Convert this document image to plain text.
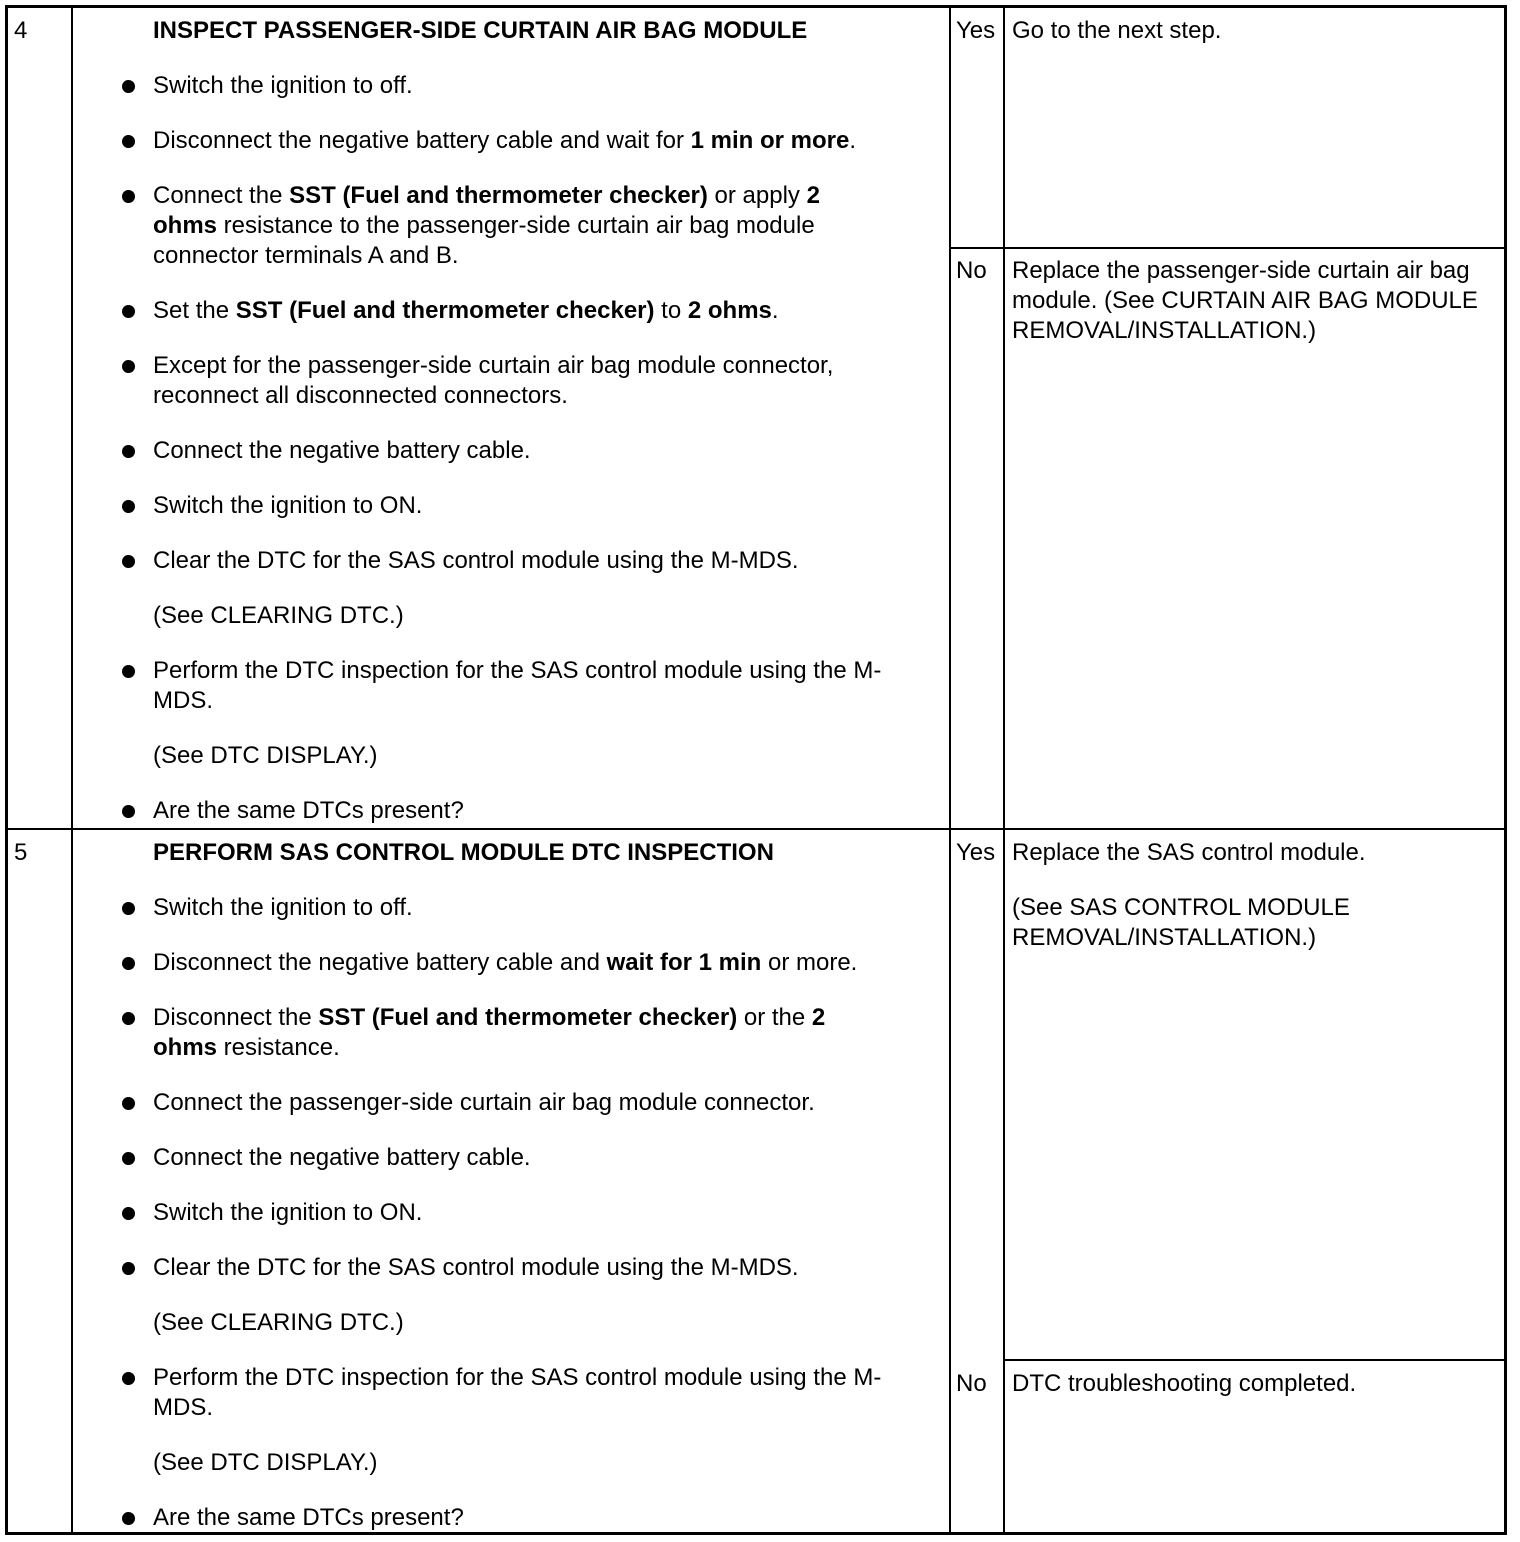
4	INSPECT PASSENGER-SIDE CURTAIN AIR BAG MODULE
Switch the ignition to off.
Disconnect the negative battery cable and wait for 1 min or more.
Connect the SST (Fuel and thermometer checker) or apply 2 ohms resistance to the passenger-side curtain air bag module connector terminals A and B.
Set the SST (Fuel and thermometer checker) to 2 ohms.
Except for the passenger-side curtain air bag module connector, reconnect all disconnected connectors.
Connect the negative battery cable.
Switch the ignition to ON.
Clear the DTC for the SAS control module using the M-MDS.
(See CLEARING DTC.)
Perform the DTC inspection for the SAS control module using the M-MDS.
(See DTC DISPLAY.)
Are the same DTCs present?
Yes Go to the next step.
No Replace the passenger-side curtain air bag module. (See CURTAIN AIR BAG MODULE REMOVAL/INSTALLATION.)
5	PERFORM SAS CONTROL MODULE DTC INSPECTION
Switch the ignition to off.
Disconnect the negative battery cable and wait for 1 min or more.
Disconnect the SST (Fuel and thermometer checker) or the 2 ohms resistance.
Connect the passenger-side curtain air bag module connector.
Connect the negative battery cable.
Switch the ignition to ON.
Clear the DTC for the SAS control module using the M-MDS.
(See CLEARING DTC.)
Perform the DTC inspection for the SAS control module using the M-MDS.
(See DTC DISPLAY.)
Are the same DTCs present?
Yes Replace the SAS control module.
(See SAS CONTROL MODULE REMOVAL/INSTALLATION.)
No DTC troubleshooting completed.
